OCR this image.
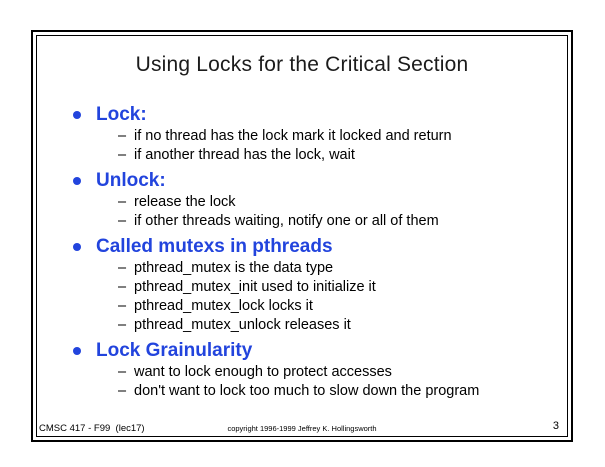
Using Locks for the Critical Section
Lock:
– if no thread has the lock mark it locked and return
– if another thread has the lock, wait
Unlock:
– release the lock
– if other threads waiting, notify one or all of them
Called mutexs in pthreads
– pthread_mutex is the data type
– pthread_mutex_init used to initialize it
– pthread_mutex_lock locks it
– pthread_mutex_unlock releases it
Lock Grainularity
– want to lock enough to protect accesses
– don't want to lock too much to slow down the program
CMSC 417 - F99  (lec17)	copyright 1996-1999 Jeffrey K. Hollingsworth	3
